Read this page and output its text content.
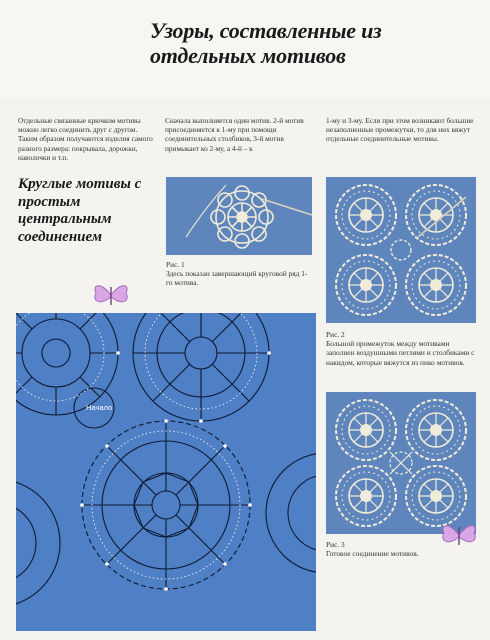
Узоры, составленные из отдельных мотивов
Отдельные связанные крючком мотивы можно легко соединить друг с другом. Таким образом получаются изделия самого разного размера: покрывала, дорожки, наволочки и т.п.
Круглые мотивы с простым центральным соединением
Сначала выполняется один мотив. 2-й мотив присоединяется к 1-му при помощи соединительных столбиков, 3-й мотив примыкает ко 2-му, а 4-й – к
1-му и 3-му. Если при этом возникают большие незаполненные промежутки, то для них вяжут отдельные соединительные мотивы.
Рис. 1
Здесь показан завершающий круговой ряд 1-го мотива.
Рис. 2
Большой промежуток между мотивами заполнен воздушными петлями и столбиками с накидом, которые вяжутся из пико мотивов.
Рис. 3
Готовое соединение мотивов.
Начало
